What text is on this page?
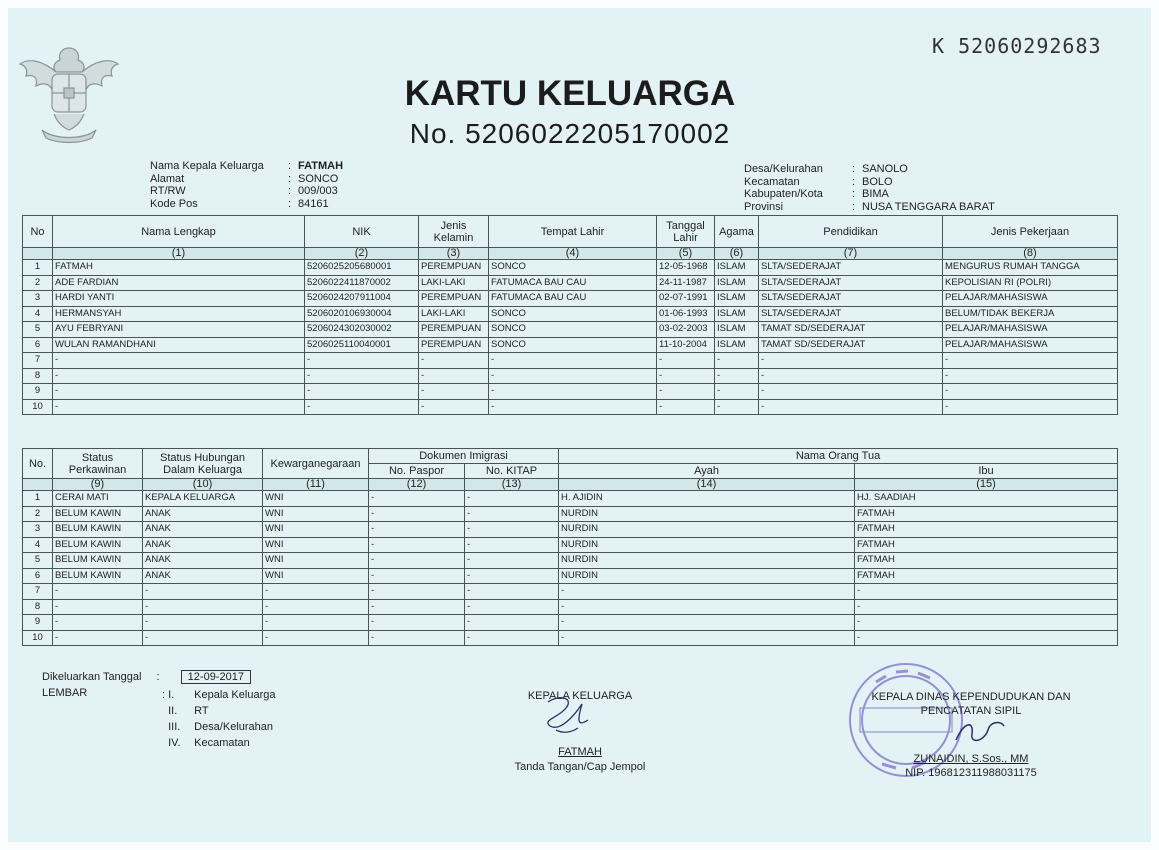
K 52060292683
KARTU KELUARGA
No. 5206022205170002
Nama Kepala Keluarga	: FATMAH
Alamat	: SONCO
RT/RW	: 009/003
Kode Pos	: 84161
Desa/Kelurahan	: SANOLO
Kecamatan	: BOLO
Kabupaten/Kota	: BIMA
Provinsi	: NUSA TENGGARA BARAT
No	Nama Lengkap	NIK	Jenis Kelamin	Tempat Lahir	Tanggal Lahir	Agama	Pendidikan	Jenis Pekerjaan
	(1)	(2)	(3)	(4)	(5)	(6)	(7)	(8)
1	FATMAH	5206025205680001	PEREMPUAN	SONCO	12-05-1968	ISLAM	SLTA/SEDERAJAT	MENGURUS RUMAH TANGGA
2	ADE FARDIAN	5206022411870002	LAKI-LAKI	FATUMACA BAU CAU	24-11-1987	ISLAM	SLTA/SEDERAJAT	KEPOLISIAN RI (POLRI)
3	HARDI YANTI	5206024207911004	PEREMPUAN	FATUMACA BAU CAU	02-07-1991	ISLAM	SLTA/SEDERAJAT	PELAJAR/MAHASISWA
4	HERMANSYAH	5206020106930004	LAKI-LAKI	SONCO	01-06-1993	ISLAM	SLTA/SEDERAJAT	BELUM/TIDAK BEKERJA
5	AYU FEBRYANI	5206024302030002	PEREMPUAN	SONCO	03-02-2003	ISLAM	TAMAT SD/SEDERAJAT	PELAJAR/MAHASISWA
6	WULAN RAMANDHANI	5206025110040001	PEREMPUAN	SONCO	11-10-2004	ISLAM	TAMAT SD/SEDERAJAT	PELAJAR/MAHASISWA
7	-	-	-	-	-	-	-	-
8	-	-	-	-	-	-	-	-
9	-	-	-	-	-	-	-	-
10	-	-	-	-	-	-	-	-
No.	Status Perkawinan	Status Hubungan Dalam Keluarga	Kewarganegaraan	Dokumen Imigrasi		Nama Orang Tua	
				No. Paspor	No. KITAP	Ayah	Ibu
	(9)	(10)	(11)	(12)	(13)	(14)	(15)
1	CERAI MATI	KEPALA KELUARGA	WNI	-	-	H. AJIDIN	HJ. SAADIAH
2	BELUM KAWIN	ANAK	WNI	-	-	NURDIN	FATMAH
3	BELUM KAWIN	ANAK	WNI	-	-	NURDIN	FATMAH
4	BELUM KAWIN	ANAK	WNI	-	-	NURDIN	FATMAH
5	BELUM KAWIN	ANAK	WNI	-	-	NURDIN	FATMAH
6	BELUM KAWIN	ANAK	WNI	-	-	NURDIN	FATMAH
7	-	-	-	-	-	-	-
8	-	-	-	-	-	-	-
9	-	-	-	-	-	-	-
10	-	-	-	-	-	-	-
Dikeluarkan Tanggal :	12-09-2017
LEMBAR	: I. Kepala Keluarga
II. RT
III. Desa/Kelurahan
IV. Kecamatan
KEPALA KELUARGA
FATMAH
Tanda Tangan/Cap Jempol
KEPALA DINAS KEPENDUDUKAN DAN
PENCATATAN SIPIL
ZUNAIDIN, S.Sos., MM
NIP. 196812311988031175
